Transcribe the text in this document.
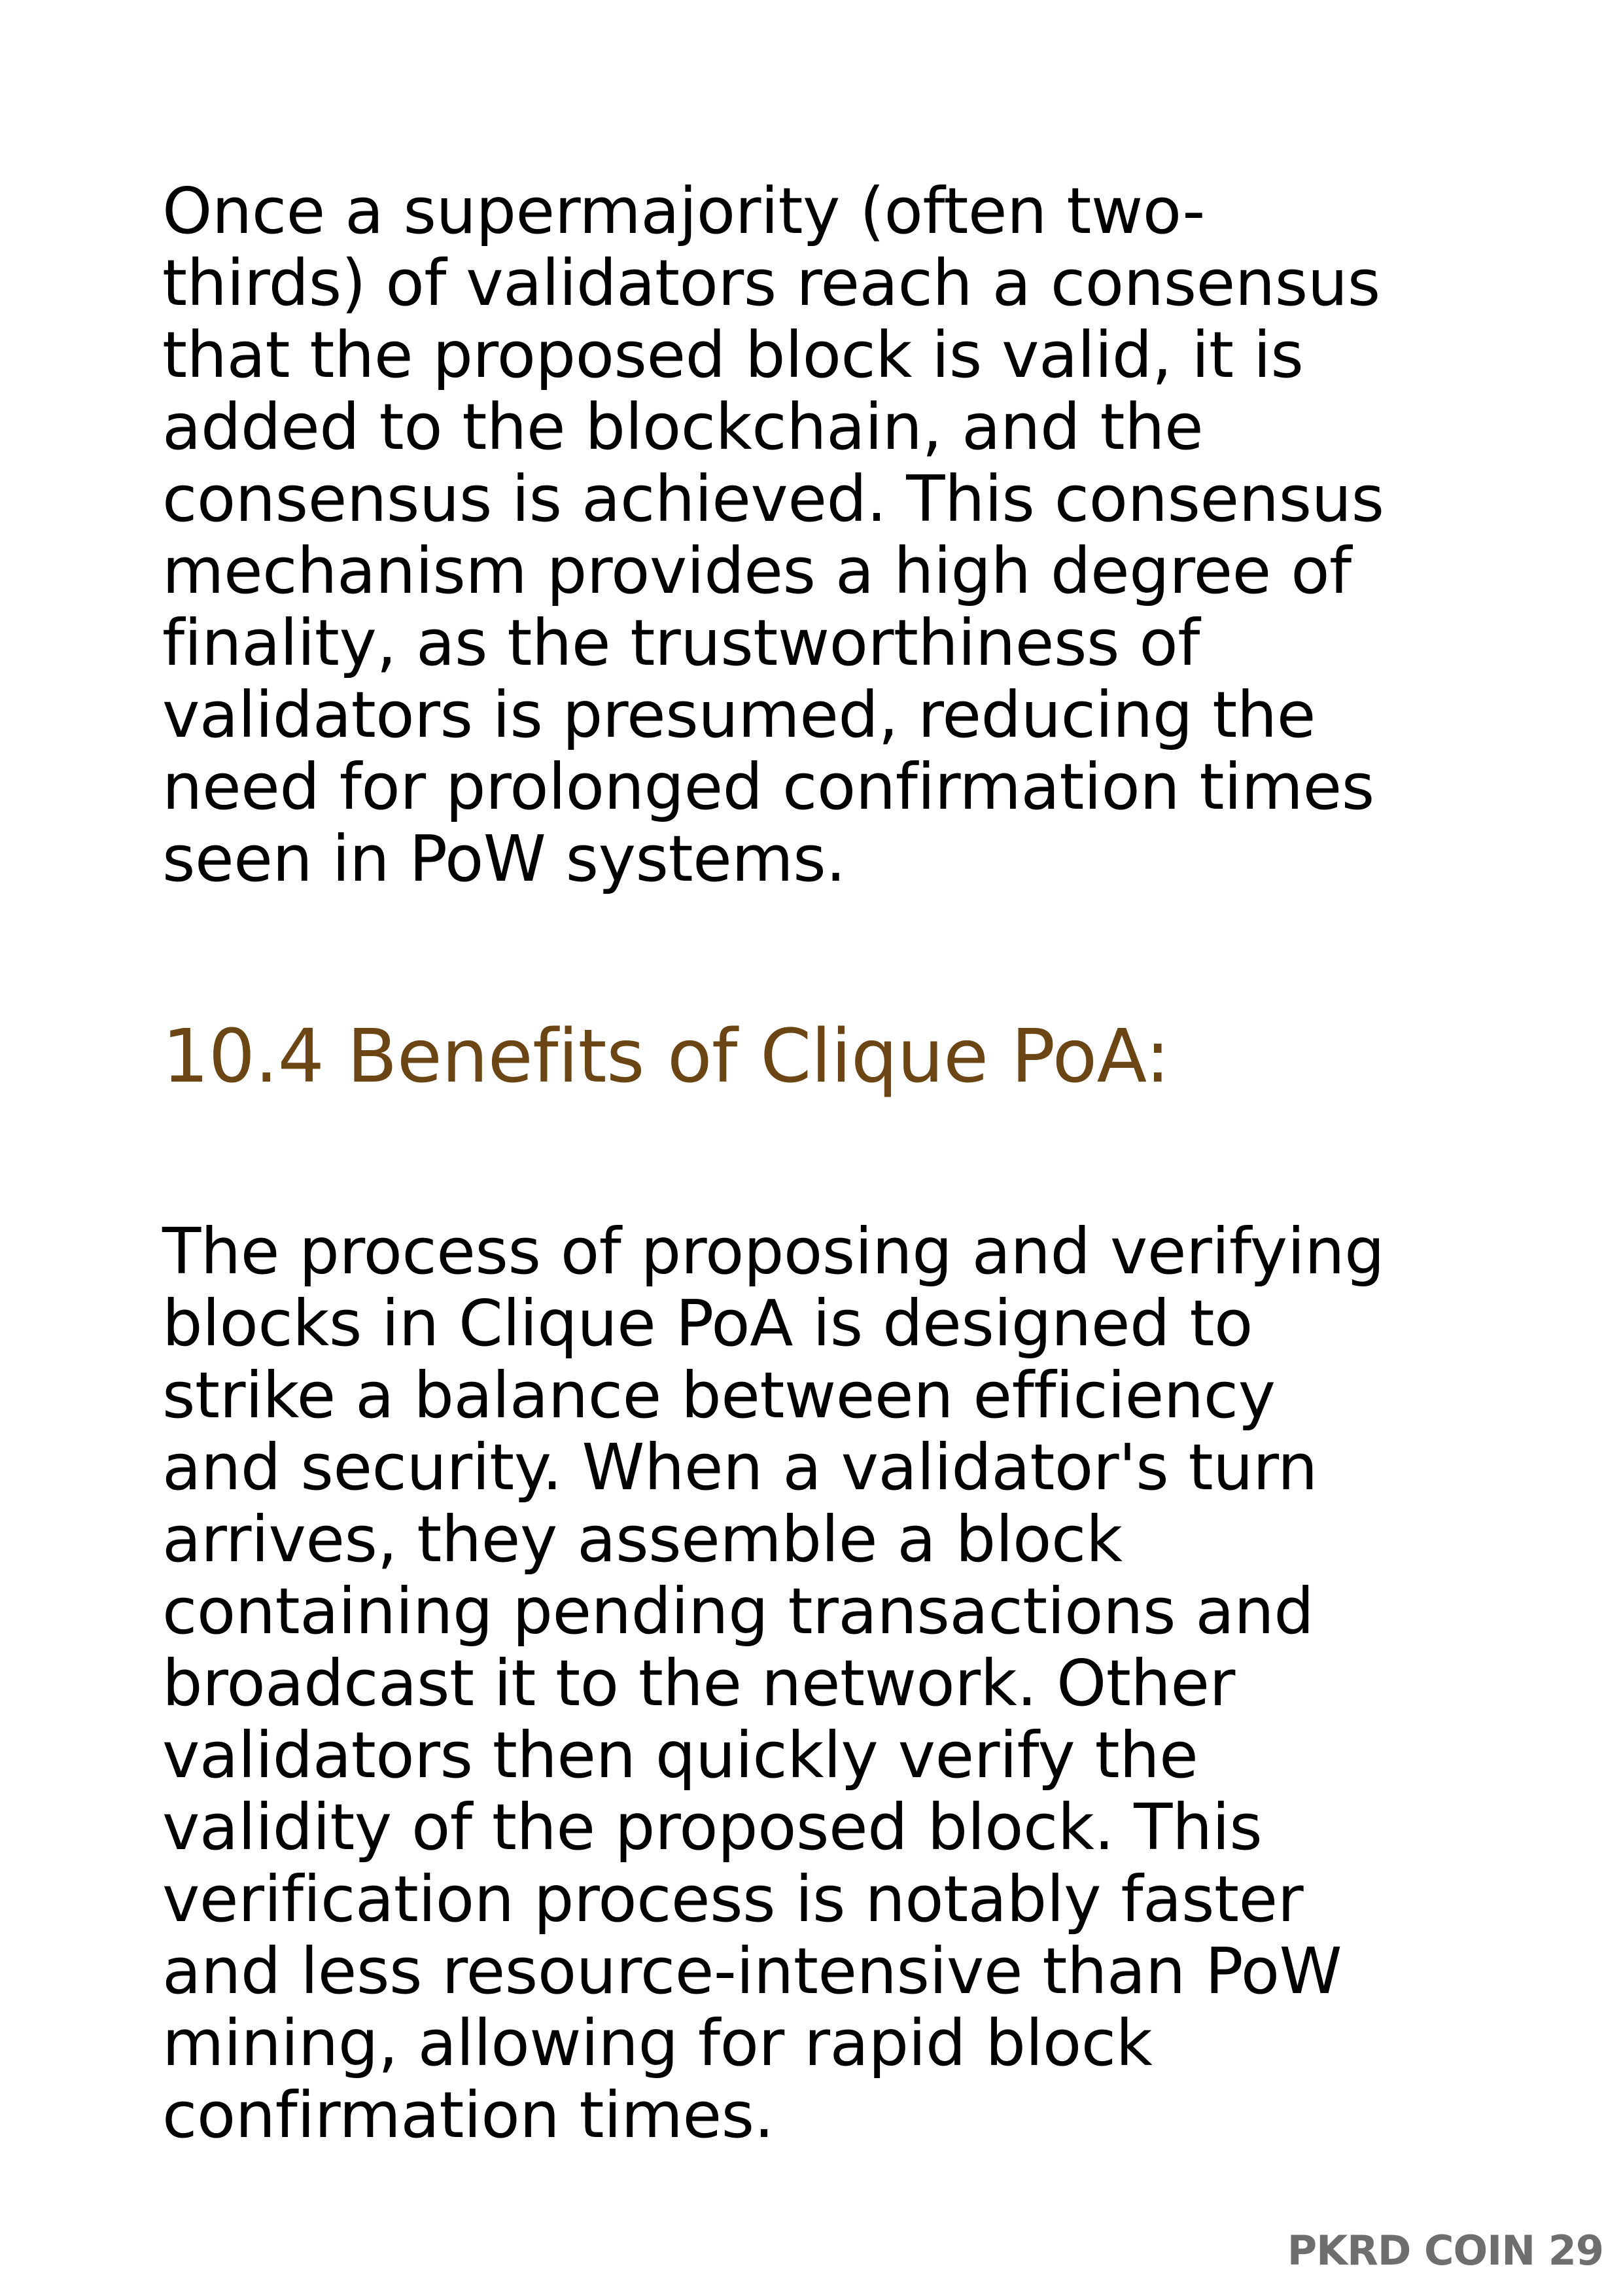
Once a supermajority (often two-
thirds) of validators reach a consensus
that the proposed block is valid, it is
added to the blockchain, and the
consensus is achieved. This consensus
mechanism provides a high degree of
finality, as the trustworthiness of
validators is presumed, reducing the
need for prolonged confirmation times
seen in PoW systems.
10.4 Benefits of Clique PoA:
The process of proposing and verifying
blocks in Clique PoA is designed to
strike a balance between efficiency
and security. When a validator's turn
arrives, they assemble a block
containing pending transactions and
broadcast it to the network. Other
validators then quickly verify the
validity of the proposed block. This
verification process is notably faster
and less resource-intensive than PoW
mining, allowing for rapid block
confirmation times.
PKRD COIN 29
